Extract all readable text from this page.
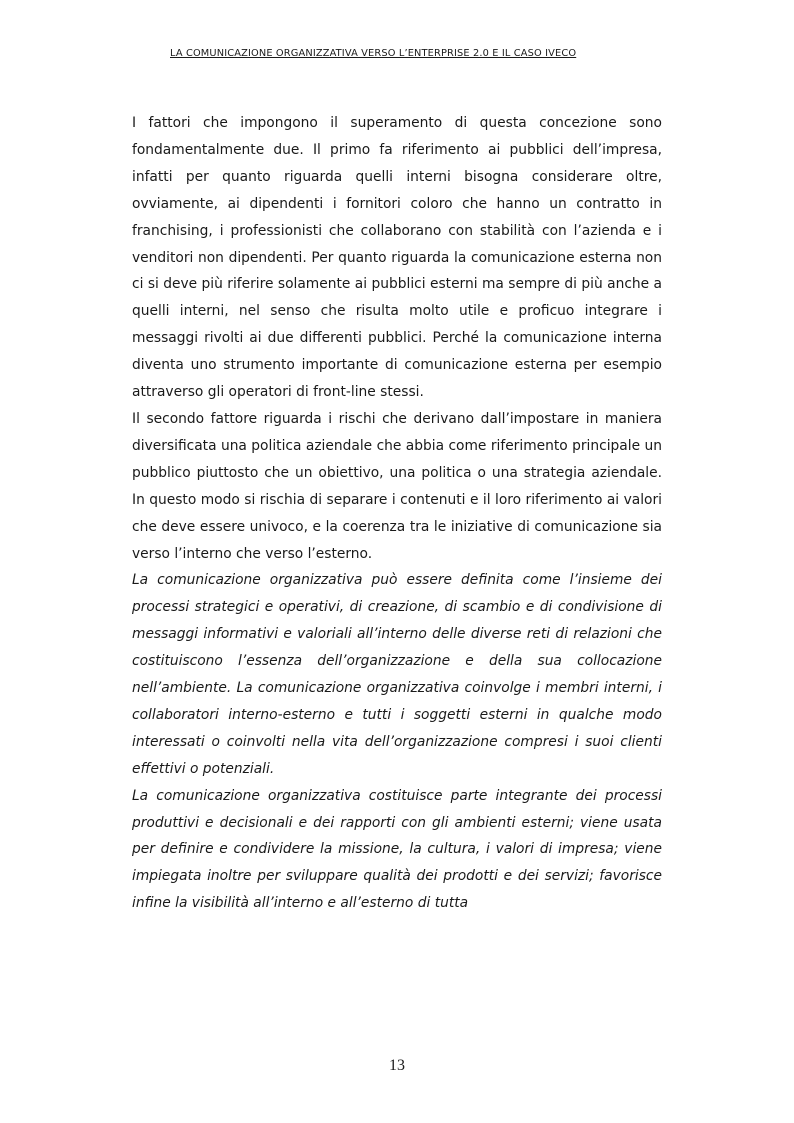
LA COMUNICAZIONE ORGANIZZATIVA VERSO L’ENTERPRISE 2.0 E IL CASO IVECO

I fattori che impongono il superamento di questa concezione sono fondamentalmente due. Il primo fa riferimento ai pubblici dell’impresa, infatti per quanto riguarda quelli interni bisogna considerare oltre, ovviamente, ai dipendenti i fornitori coloro che hanno un contratto in franchising, i professionisti che collaborano con stabilità con l’azienda e i venditori non dipendenti. Per quanto riguarda la comunicazione esterna non ci si deve più riferire solamente ai pubblici esterni ma sempre di più anche a quelli interni, nel senso che risulta molto utile e proficuo integrare i messaggi rivolti ai due differenti pubblici. Perché la comunicazione interna diventa uno strumento importante di comunicazione esterna per esempio attraverso gli operatori di front-line stessi.

Il secondo fattore riguarda i rischi che derivano dall’impostare in maniera diversificata una politica aziendale che abbia come riferimento principale un pubblico piuttosto che un obiettivo, una politica o una strategia aziendale. In questo modo si rischia di separare i contenuti e il loro riferimento ai valori che deve essere univoco, e la coerenza tra le iniziative di comunicazione sia verso l’interno che verso l’esterno.

La comunicazione organizzativa può essere definita come l’insieme dei processi strategici e operativi, di creazione, di scambio e di condivisione di messaggi informativi e valoriali all’interno delle diverse reti di relazioni che costituiscono l’essenza dell’organizzazione e della sua collocazione nell’ambiente. La comunicazione organizzativa coinvolge i membri interni, i collaboratori interno-esterno e tutti i soggetti esterni in qualche modo interessati o coinvolti nella vita dell’organizzazione compresi i suoi clienti effettivi o potenziali.

La comunicazione organizzativa costituisce parte integrante dei processi produttivi e decisionali e dei rapporti con gli ambienti esterni; viene usata per definire e condividere la missione, la cultura, i valori di impresa; viene impiegata inoltre per sviluppare qualità dei prodotti e dei servizi; favorisce infine la visibilità all’interno e all’esterno di tutta

13
